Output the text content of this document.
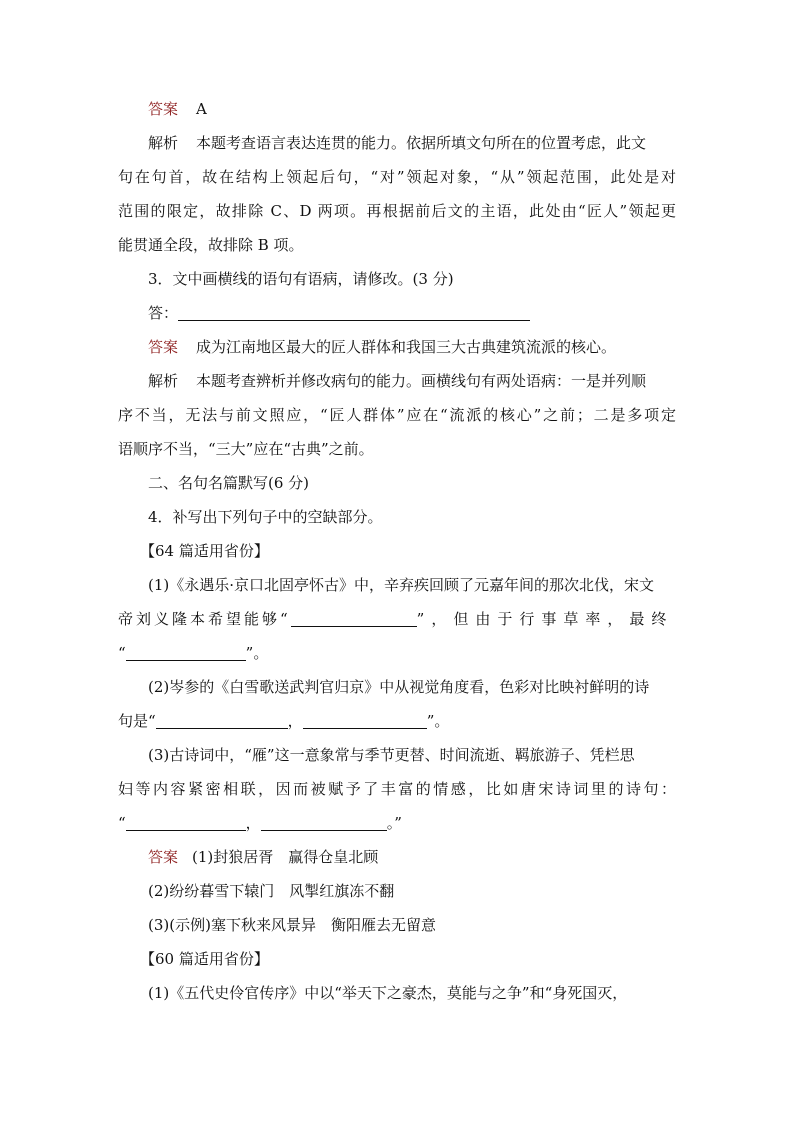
答案 A
解析 本题考查语言表达连贯的能力。依据所填文句所在的位置考虑，此文
句在句首，故在结构上领起后句，“对”领起对象，“从”领起范围，此处是对
范围的限定，故排除 C、D 两项。再根据前后文的主语，此处由“匠人”领起更
能贯通全段，故排除 B 项。
3．文中画横线的语句有语病，请修改。(3 分)
答：
答案 成为江南地区最大的匠人群体和我国三大古典建筑流派的核心。
解析 本题考查辨析并修改病句的能力。画横线句有两处语病：一是并列顺
序不当，无法与前文照应，“匠人群体”应在“流派的核心”之前；二是多项定
语顺序不当，“三大”应在“古典”之前。
二、名句名篇默写(6 分)
4．补写出下列句子中的空缺部分。
【64 篇适用省份】
(1)《永遇乐·京口北固亭怀古》中，辛弃疾回顾了元嘉年间的那次北伐，宋文
帝刘义隆本希望能够“	”，但由于行事草率，最终
“	”。
(2)岑参的《白雪歌送武判官归京》中从视觉角度看，色彩对比映衬鲜明的诗
句是“	，	”。
(3)古诗词中，“雁”这一意象常与季节更替、时间流逝、羁旅游子、凭栏思
妇等内容紧密相联，因而被赋予了丰富的情感，比如唐宋诗词里的诗句：
“	，	。”
答案 (1)封狼居胥　赢得仓皇北顾
(2)纷纷暮雪下辕门　风掣红旗冻不翻
(3)(示例)塞下秋来风景异　衡阳雁去无留意
【60 篇适用省份】
(1)《五代史伶官传序》中以“举天下之豪杰，莫能与之争”和“身死国灭，
